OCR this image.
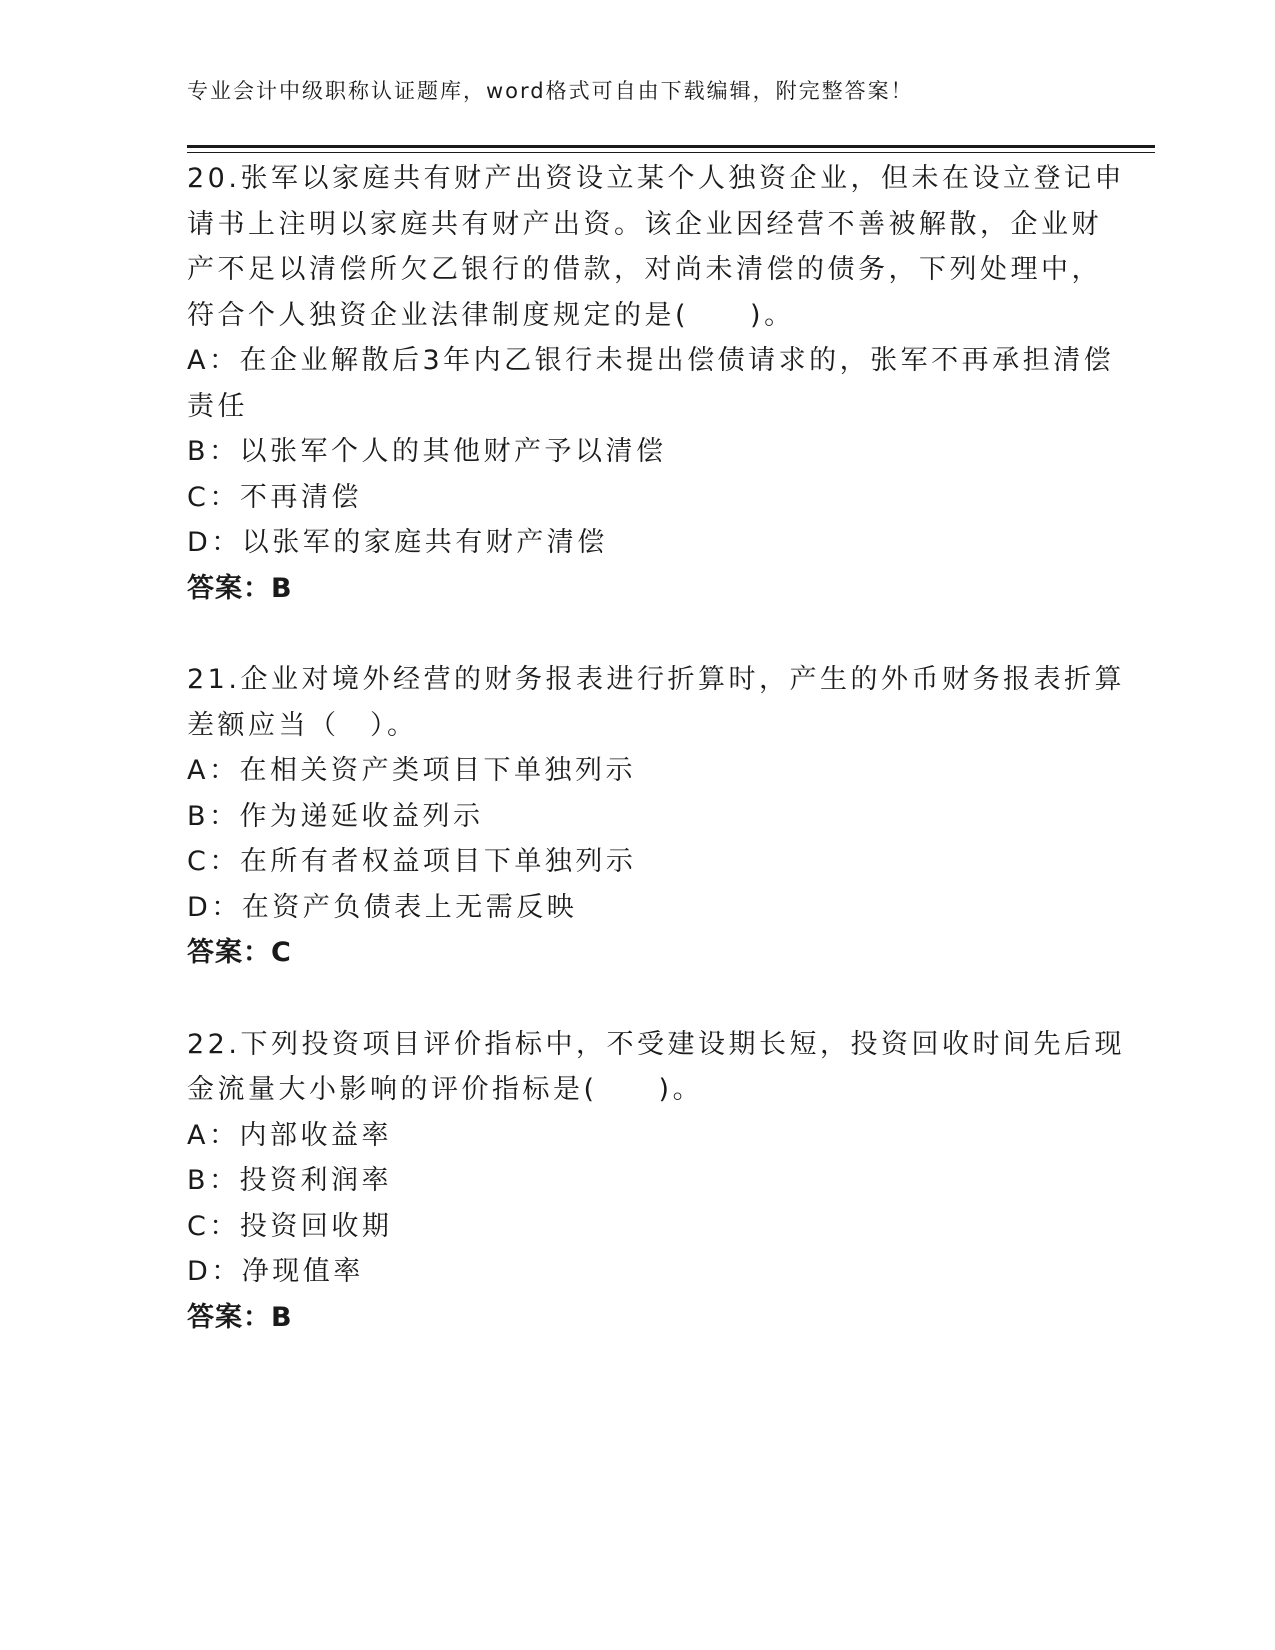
专业会计中级职称认证题库，word格式可自由下载编辑，附完整答案！
20.张军以家庭共有财产出资设立某个人独资企业，但未在设立登记申
请书上注明以家庭共有财产出资。该企业因经营不善被解散，企业财
产不足以清偿所欠乙银行的借款，对尚未清偿的债务，下列处理中，
符合个人独资企业法律制度规定的是(　　)。
A：在企业解散后3年内乙银行未提出偿债请求的，张军不再承担清偿
责任
B：以张军个人的其他财产予以清偿
C：不再清偿
D：以张军的家庭共有财产清偿
答案：B
21.企业对境外经营的财务报表进行折算时，产生的外币财务报表折算
差额应当（　）。
A：在相关资产类项目下单独列示
B：作为递延收益列示
C：在所有者权益项目下单独列示
D：在资产负债表上无需反映
答案：C
22.下列投资项目评价指标中，不受建设期长短，投资回收时间先后现
金流量大小影响的评价指标是(　　)。
A：内部收益率
B：投资利润率
C：投资回收期
D：净现值率
答案：B
